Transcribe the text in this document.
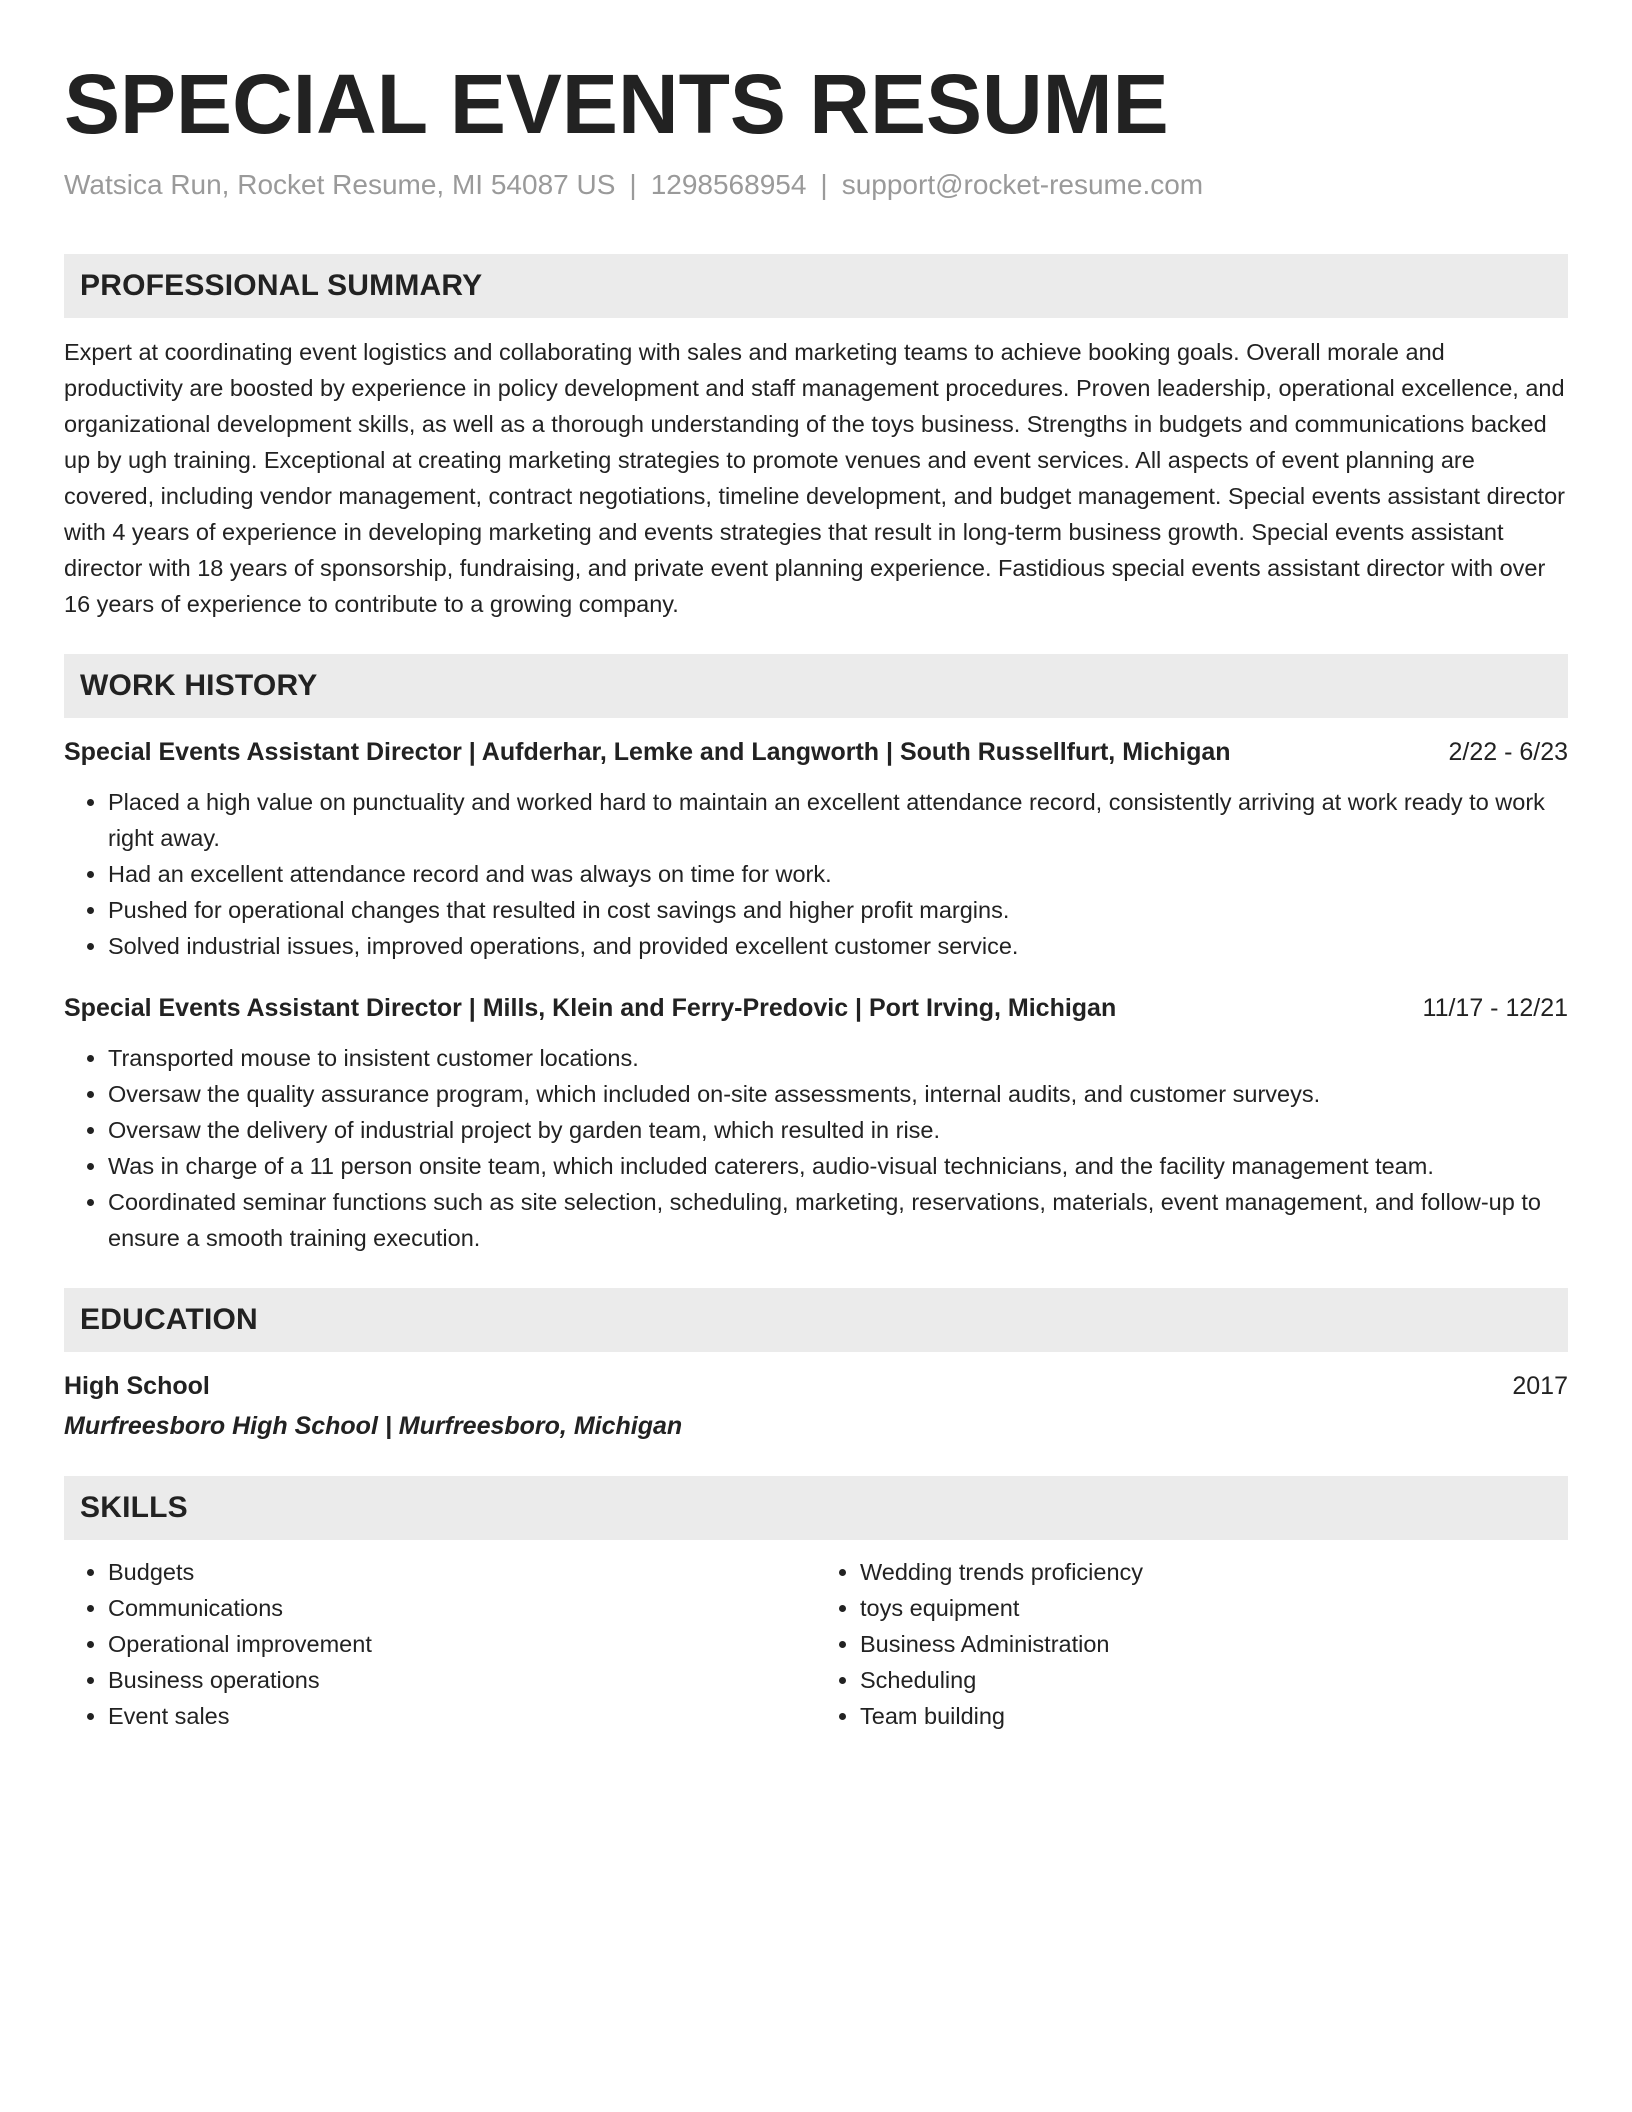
SPECIAL EVENTS RESUME
Watsica Run, Rocket Resume, MI 54087 US | 1298568954 | support@rocket-resume.com
PROFESSIONAL SUMMARY

Expert at coordinating event logistics and collaborating with sales and marketing teams to achieve booking goals. Overall morale and productivity are boosted by experience in policy development and staff management procedures. Proven leadership, operational excellence, and organizational development skills, as well as a thorough understanding of the toys business. Strengths in budgets and communications backed up by ugh training. Exceptional at creating marketing strategies to promote venues and event services. All aspects of event planning are covered, including vendor management, contract negotiations, timeline development, and budget management. Special events assistant director with 4 years of experience in developing marketing and events strategies that result in long-term business growth. Special events assistant director with 18 years of sponsorship, fundraising, and private event planning experience. Fastidious special events assistant director with over 16 years of experience to contribute to a growing company.

WORK HISTORY
Special Events Assistant Director | Aufderhar, Lemke and Langworth | South Russellfurt, Michigan	2/22 - 6/23
• Placed a high value on punctuality and worked hard to maintain an excellent attendance record, consistently arriving at work ready to work right away.
• Had an excellent attendance record and was always on time for work.
• Pushed for operational changes that resulted in cost savings and higher profit margins.
• Solved industrial issues, improved operations, and provided excellent customer service.
Special Events Assistant Director | Mills, Klein and Ferry-Predovic | Port Irving, Michigan	11/17 - 12/21
• Transported mouse to insistent customer locations.
• Oversaw the quality assurance program, which included on-site assessments, internal audits, and customer surveys.
• Oversaw the delivery of industrial project by garden team, which resulted in rise.
• Was in charge of a 11 person onsite team, which included caterers, audio-visual technicians, and the facility management team.
• Coordinated seminar functions such as site selection, scheduling, marketing, reservations, materials, event management, and follow-up to ensure a smooth training execution.
EDUCATION
High School	2017
Murfreesboro High School | Murfreesboro, Michigan
SKILLS
• Budgets
• Communications
• Operational improvement
• Business operations
• Event sales
• Wedding trends proficiency
• toys equipment
• Business Administration
• Scheduling
• Team building
